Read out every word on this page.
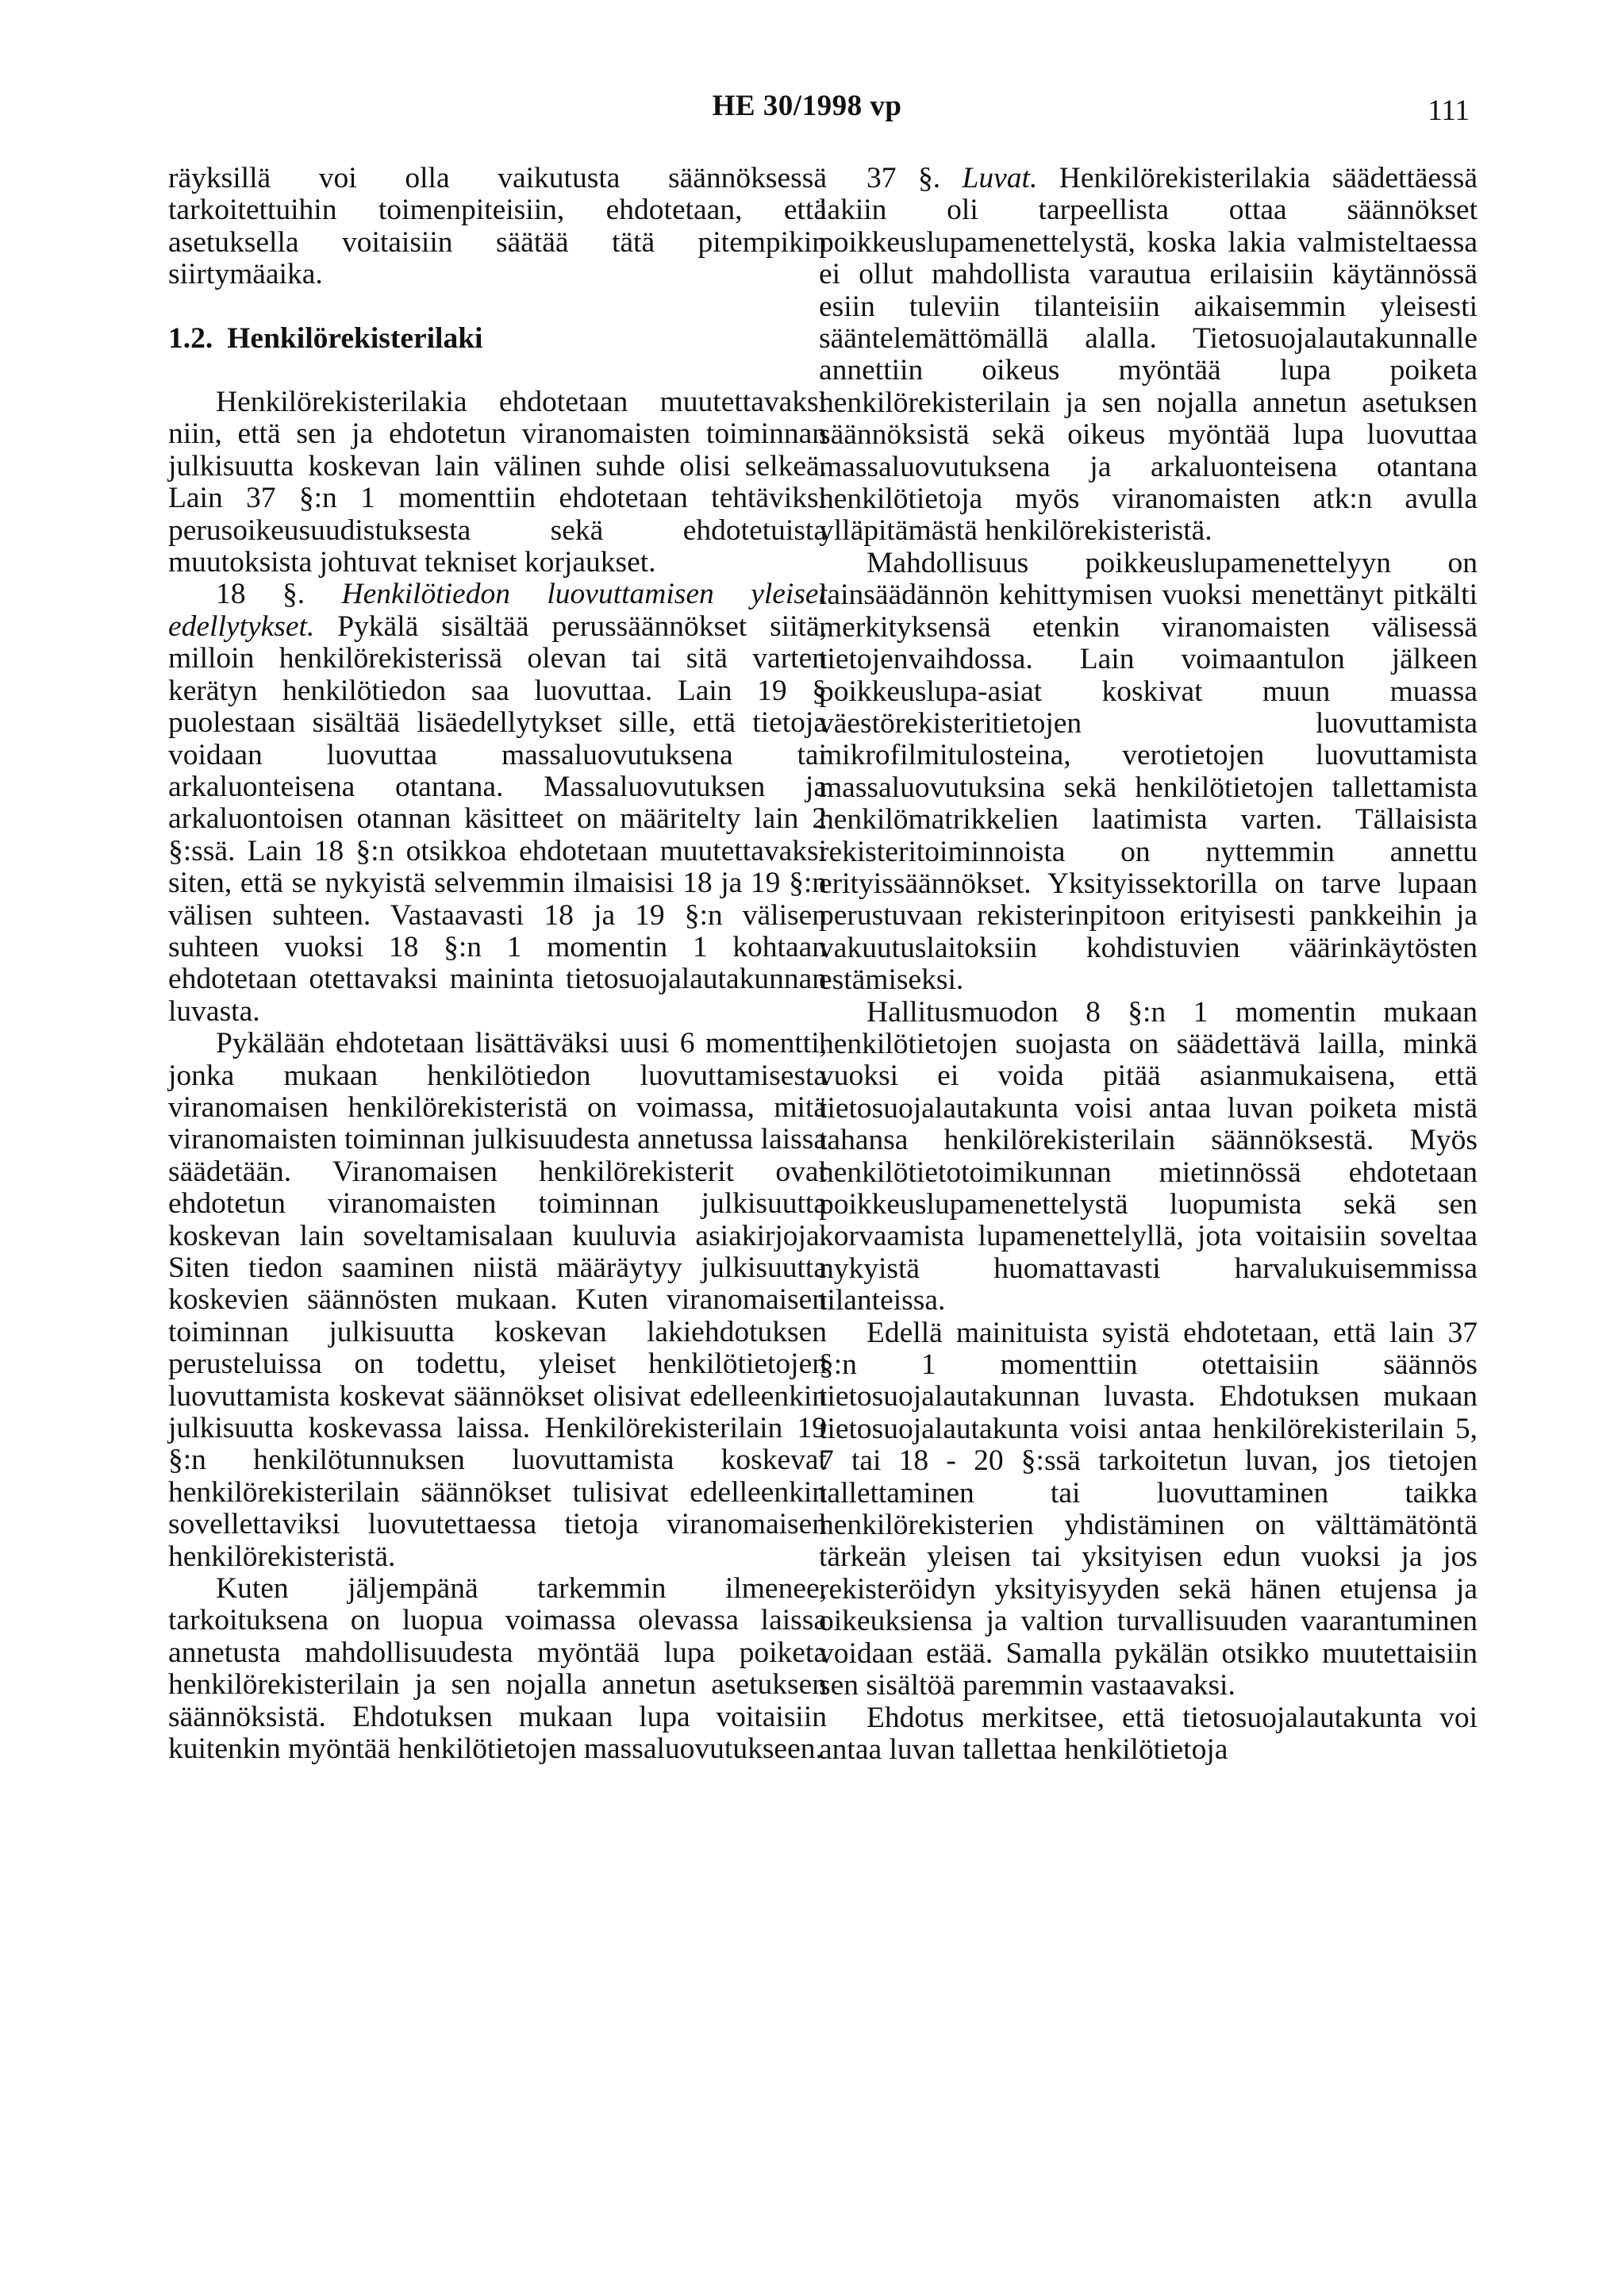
HE 30/1998 vp	111

räyksillä voi olla vaikutusta säännöksessä tarkoitettuihin toimenpiteisiin, ehdotetaan, että asetuksella voitaisiin säätää tätä pitempikin siirtymäaika.

1.2. Henkilörekisterilaki

Henkilörekisterilakia ehdotetaan muutettavaksi niin, että sen ja ehdotetun viranomaisten toiminnan julkisuutta koskevan lain välinen suhde olisi selkeä. Lain 37 §:n 1 momenttiin ehdotetaan tehtäviksi perusoikeusuudistuksesta sekä ehdotetuista muutoksista johtuvat tekniset korjaukset.

18 §. Henkilötiedon luovuttamisen yleiset edellytykset. Pykälä sisältää perussäännökset siitä, milloin henkilörekisterissä olevan tai sitä varten kerätyn henkilötiedon saa luovuttaa. Lain 19 § puolestaan sisältää lisäedellytykset sille, että tietoja voidaan luovuttaa massaluovutuksena tai arkaluonteisena otantana. Massaluovutuksen ja arkaluontoisen otannan käsitteet on määritelty lain 2 §:ssä. Lain 18 §:n otsikkoa ehdotetaan muutettavaksi siten, että se nykyistä selvemmin ilmaisisi 18 ja 19 §:n välisen suhteen. Vastaavasti 18 ja 19 §:n välisen suhteen vuoksi 18 §:n 1 momentin 1 kohtaan ehdotetaan otettavaksi maininta tietosuojalautakunnan luvasta.

Pykälään ehdotetaan lisättäväksi uusi 6 momentti, jonka mukaan henkilötiedon luovuttamisesta viranomaisen henkilörekisteristä on voimassa, mitä viranomaisten toiminnan julkisuudesta annetussa laissa säädetään. Viranomaisen henkilörekisterit ovat ehdotetun viranomaisten toiminnan julkisuutta koskevan lain soveltamisalaan kuuluvia asiakirjoja. Siten tiedon saaminen niistä määräytyy julkisuutta koskevien säännösten mukaan. Kuten viranomaisen toiminnan julkisuutta koskevan lakiehdotuksen perusteluissa on todettu, yleiset henkilötietojen luovuttamista koskevat säännökset olisivat edelleenkin julkisuutta koskevassa laissa. Henkilörekisterilain 19 §:n henkilötunnuksen luovuttamista koskevat henkilörekisterilain säännökset tulisivat edelleenkin sovellettaviksi luovutettaessa tietoja viranomaisen henkilörekisteristä.

Kuten jäljempänä tarkemmin ilmenee, tarkoituksena on luopua voimassa olevassa laissa annetusta mahdollisuudesta myöntää lupa poiketa henkilörekisterilain ja sen nojalla annetun asetuksen säännöksistä. Ehdotuksen mukaan lupa voitaisiin kuitenkin myöntää henkilötietojen massaluovutukseen.

37 §. Luvat. Henkilörekisterilakia säädettäessä lakiin oli tarpeellista ottaa säännökset poikkeuslupamenettelystä, koska lakia valmisteltaessa ei ollut mahdollista varautua erilaisiin käytännössä esiin tuleviin tilanteisiin aikaisemmin yleisesti sääntelemättömällä alalla. Tietosuojalautakunnalle annettiin oikeus myöntää lupa poiketa henkilörekisterilain ja sen nojalla annetun asetuksen säännöksistä sekä oikeus myöntää lupa luovuttaa massaluovutuksena ja arkaluonteisena otantana henkilötietoja myös viranomaisten atk:n avulla ylläpitämästä henkilörekisteristä.

Mahdollisuus poikkeuslupamenettelyyn on lainsäädännön kehittymisen vuoksi menettänyt pitkälti merkityksensä etenkin viranomaisten välisessä tietojenvaihdossa. Lain voimaantulon jälkeen poikkeuslupa-asiat koskivat muun muassa väestörekisteritietojen luovuttamista mikrofilmitulosteina, verotietojen luovuttamista massaluovutuksina sekä henkilötietojen tallettamista henkilömatrikkelien laatimista varten. Tällaisista rekisteritoiminnoista on nyttemmin annettu erityissäännökset. Yksityissektorilla on tarve lupaan perustuvaan rekisterinpitoon erityisesti pankkeihin ja vakuutuslaitoksiin kohdistuvien väärinkäytösten estämiseksi.

Hallitusmuodon 8 §:n 1 momentin mukaan henkilötietojen suojasta on säädettävä lailla, minkä vuoksi ei voida pitää asianmukaisena, että tietosuojalautakunta voisi antaa luvan poiketa mistä tahansa henkilörekisterilain säännöksestä. Myös henkilötietotoimikunnan mietinnössä ehdotetaan poikkeuslupamenettelystä luopumista sekä sen korvaamista lupamenettelyllä, jota voitaisiin soveltaa nykyistä huomattavasti harvalukuisemmissa tilanteissa.

Edellä mainituista syistä ehdotetaan, että lain 37 §:n 1 momenttiin otettaisiin säännös tietosuojalautakunnan luvasta. Ehdotuksen mukaan tietosuojalautakunta voisi antaa henkilörekisterilain 5, 7 tai 18 - 20 §:ssä tarkoitetun luvan, jos tietojen tallettaminen tai luovuttaminen taikka henkilörekisterien yhdistäminen on välttämätöntä tärkeän yleisen tai yksityisen edun vuoksi ja jos rekisteröidyn yksityisyyden sekä hänen etujensa ja oikeuksiensa ja valtion turvallisuuden vaarantuminen voidaan estää. Samalla pykälän otsikko muutettaisiin sen sisältöä paremmin vastaavaksi.

Ehdotus merkitsee, että tietosuojalautakunta voi antaa luvan tallettaa henkilötietoja
